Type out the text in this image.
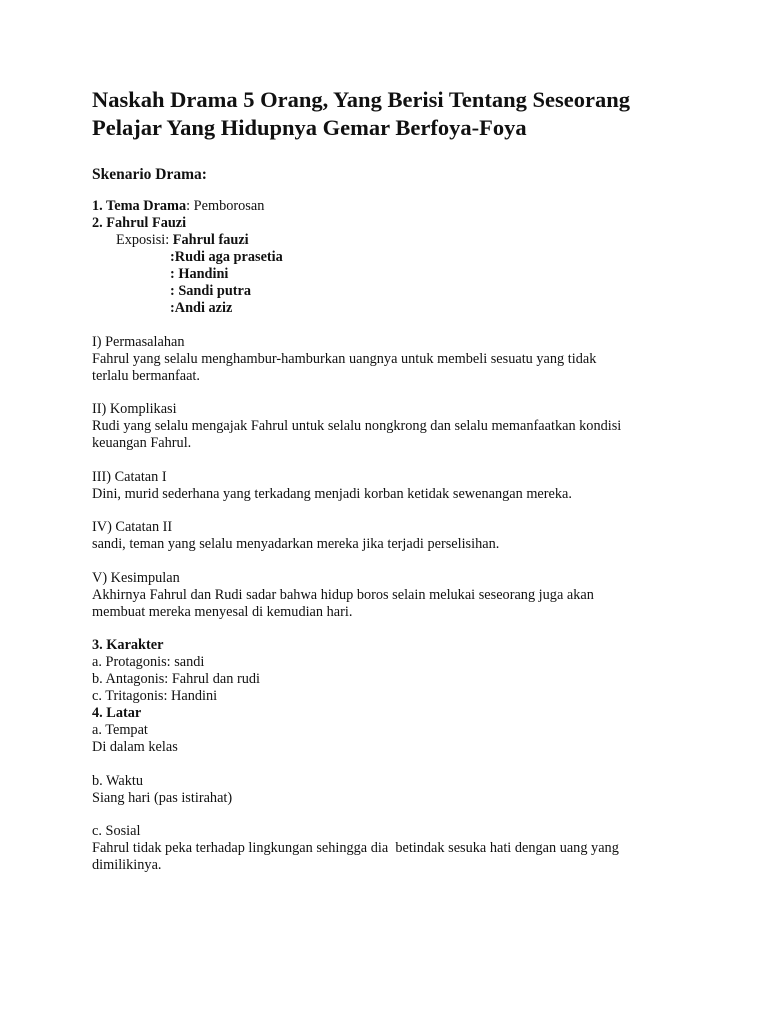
Naskah Drama 5 Orang, Yang Berisi Tentang Seseorang
Pelajar Yang Hidupnya Gemar Berfoya-Foya
Skenario Drama:
1. Tema Drama: Pemborosan
2. Fahrul Fauzi
Exposisi: Fahrul fauzi
:Rudi aga prasetia
: Handini
: Sandi putra
:Andi aziz
I) Permasalahan
Fahrul yang selalu menghambur-hamburkan uangnya untuk membeli sesuatu yang tidak
terlalu bermanfaat.
II) Komplikasi
Rudi yang selalu mengajak Fahrul untuk selalu nongkrong dan selalu memanfaatkan kondisi
keuangan Fahrul.
III) Catatan I
Dini, murid sederhana yang terkadang menjadi korban ketidak sewenangan mereka.
IV) Catatan II
sandi, teman yang selalu menyadarkan mereka jika terjadi perselisihan.
V) Kesimpulan
Akhirnya Fahrul dan Rudi sadar bahwa hidup boros selain melukai seseorang juga akan
membuat mereka menyesal di kemudian hari.
3. Karakter
a. Protagonis: sandi
b. Antagonis: Fahrul dan rudi
c. Tritagonis: Handini
4. Latar
a. Tempat
Di dalam kelas
b. Waktu
Siang hari (pas istirahat)
c. Sosial
Fahrul tidak peka terhadap lingkungan sehingga dia  betindak sesuka hati dengan uang yang
dimilikinya.
